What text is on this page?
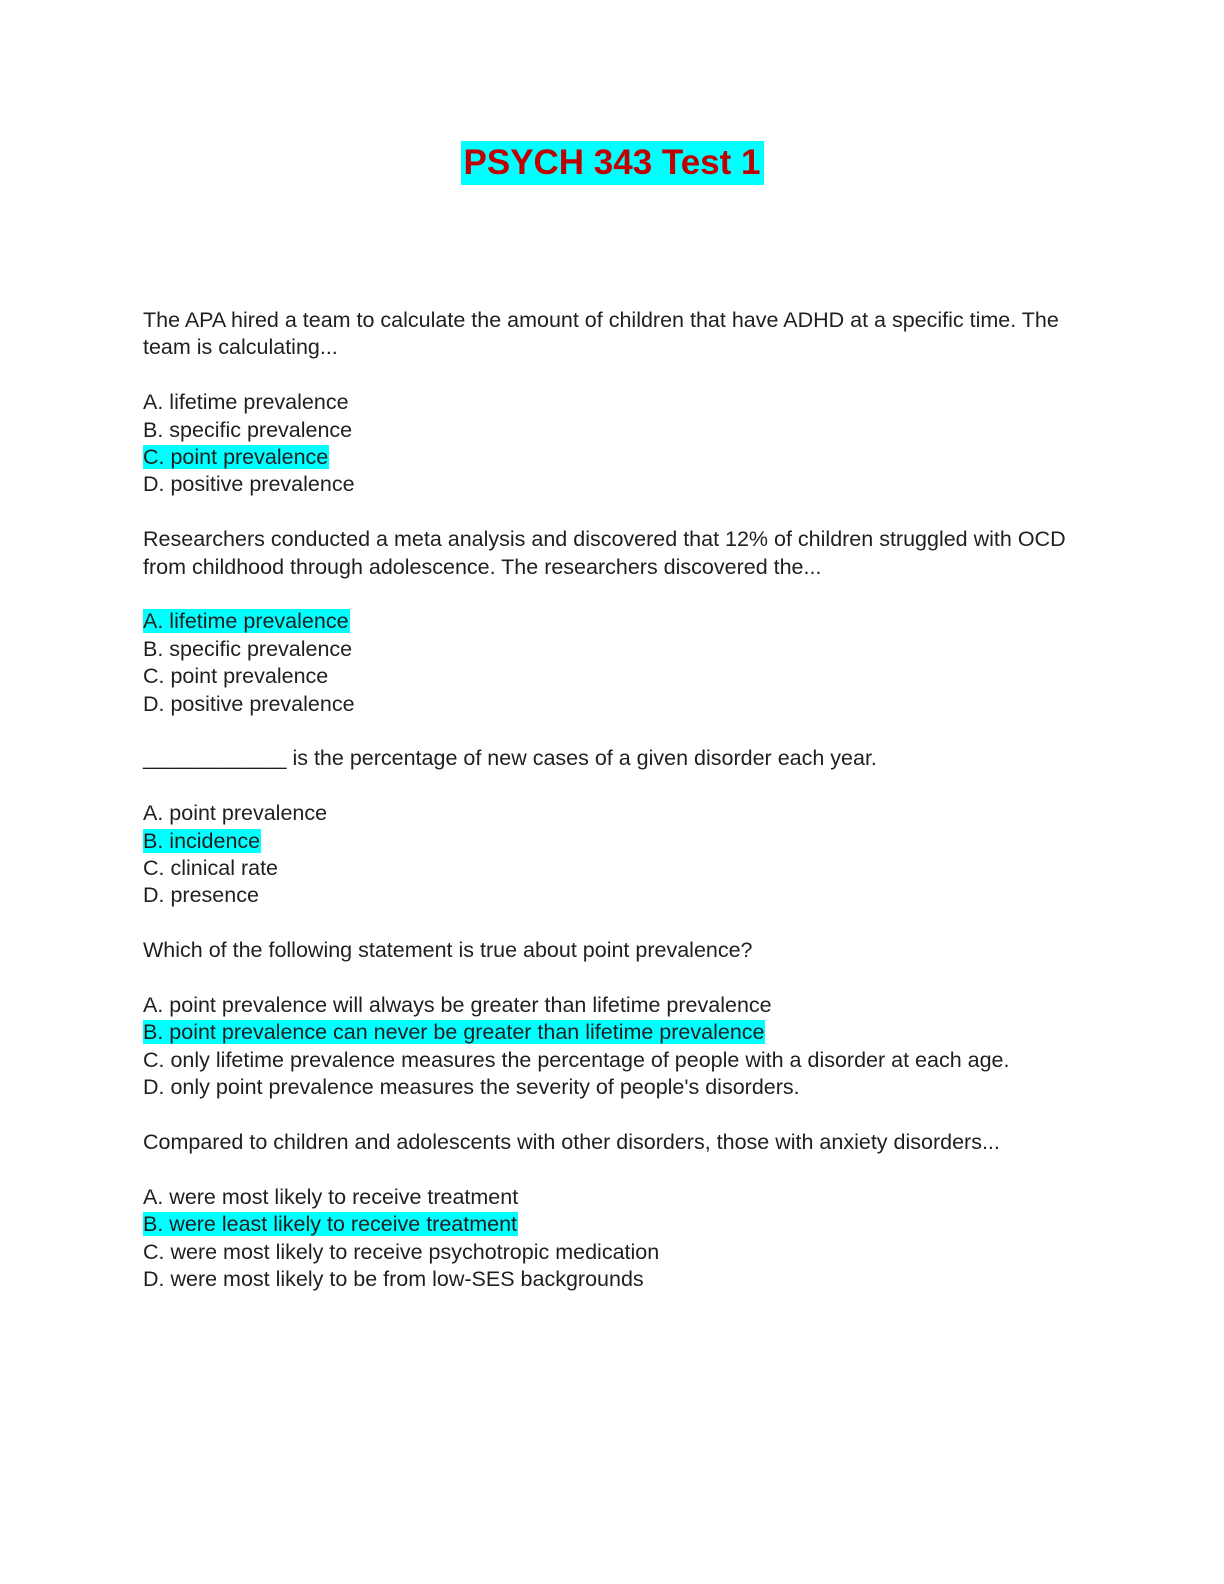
PSYCH 343 Test 1
The APA hired a team to calculate the amount of children that have ADHD at a specific time. The team is calculating...
A. lifetime prevalence
B. specific prevalence
C. point prevalence
D. positive prevalence
Researchers conducted a meta analysis and discovered that 12% of children struggled with OCD from childhood through adolescence. The researchers discovered the...
A. lifetime prevalence
B. specific prevalence
C. point prevalence
D. positive prevalence
____________ is the percentage of new cases of a given disorder each year.
A. point prevalence
B. incidence
C. clinical rate
D. presence
Which of the following statement is true about point prevalence?
A. point prevalence will always be greater than lifetime prevalence
B. point prevalence can never be greater than lifetime prevalence
C. only lifetime prevalence measures the percentage of people with a disorder at each age.
D. only point prevalence measures the severity of people's disorders.
Compared to children and adolescents with other disorders, those with anxiety disorders...
A. were most likely to receive treatment
B. were least likely to receive treatment
C. were most likely to receive psychotropic medication
D. were most likely to be from low-SES backgrounds
